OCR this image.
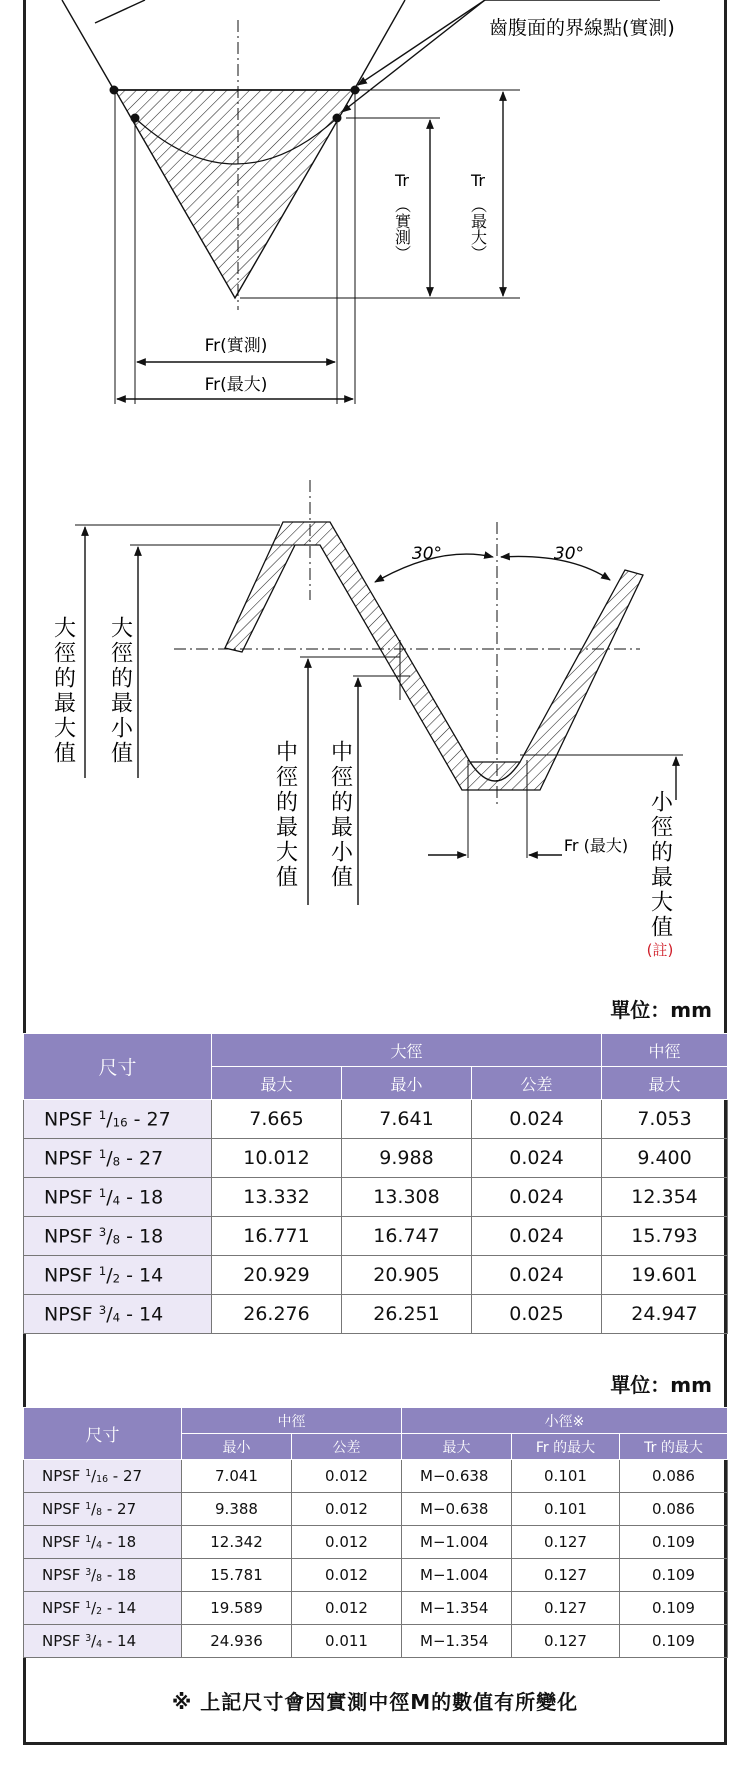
齒腹面的界線點(實測)
Tr
（實測）
Tr
（最大）
Fr(實測)
Fr(最大)
30°	30°
大徑的最大值 大徑的最小值
中徑的最大值 中徑的最小值	Fr (最大) 小徑的最大值
(註)
單位：mm
尺寸	大徑			中徑
	最大	最小	公差	最大
NPSF $^1/_{16} - 27$	7.665	7.641	0.024	7.053
NPSF $^1/_8 - 27$	10.012	9.988	0.024	9.400
NPSF $^1/_4 - 18$	13.332	13.308	0.024	12.354
NPSF $^3/_8 - 18$	16.771	16.747	0.024	15.793
NPSF $^1/_2 - 14$	20.929	20.905	0.024	19.601
NPSF $^3/_4 - 14$	26.276	26.251	0.025	24.947
單位：mm
尺寸	中徑		小徑※		
	最小	公差	最大	Fr 的最大	Tr 的最大
NPSF $^1/_{16} - 27$	7.041	0.012	M−0.638	0.101	0.086
NPSF $^1/_8 - 27$	9.388	0.012	M−0.638	0.101	0.086
NPSF $^1/_4 - 18$	12.342	0.012	M−1.004	0.127	0.109
NPSF $^3/_8 - 18$	15.781	0.012	M−1.004	0.127	0.109
NPSF $^1/_2 - 14$	19.589	0.012	M−1.354	0.127	0.109
NPSF $^3/_4 - 14$	24.936	0.011	M−1.354	0.127	0.109
※ 上記尺寸會因實測中徑M的數值有所變化
